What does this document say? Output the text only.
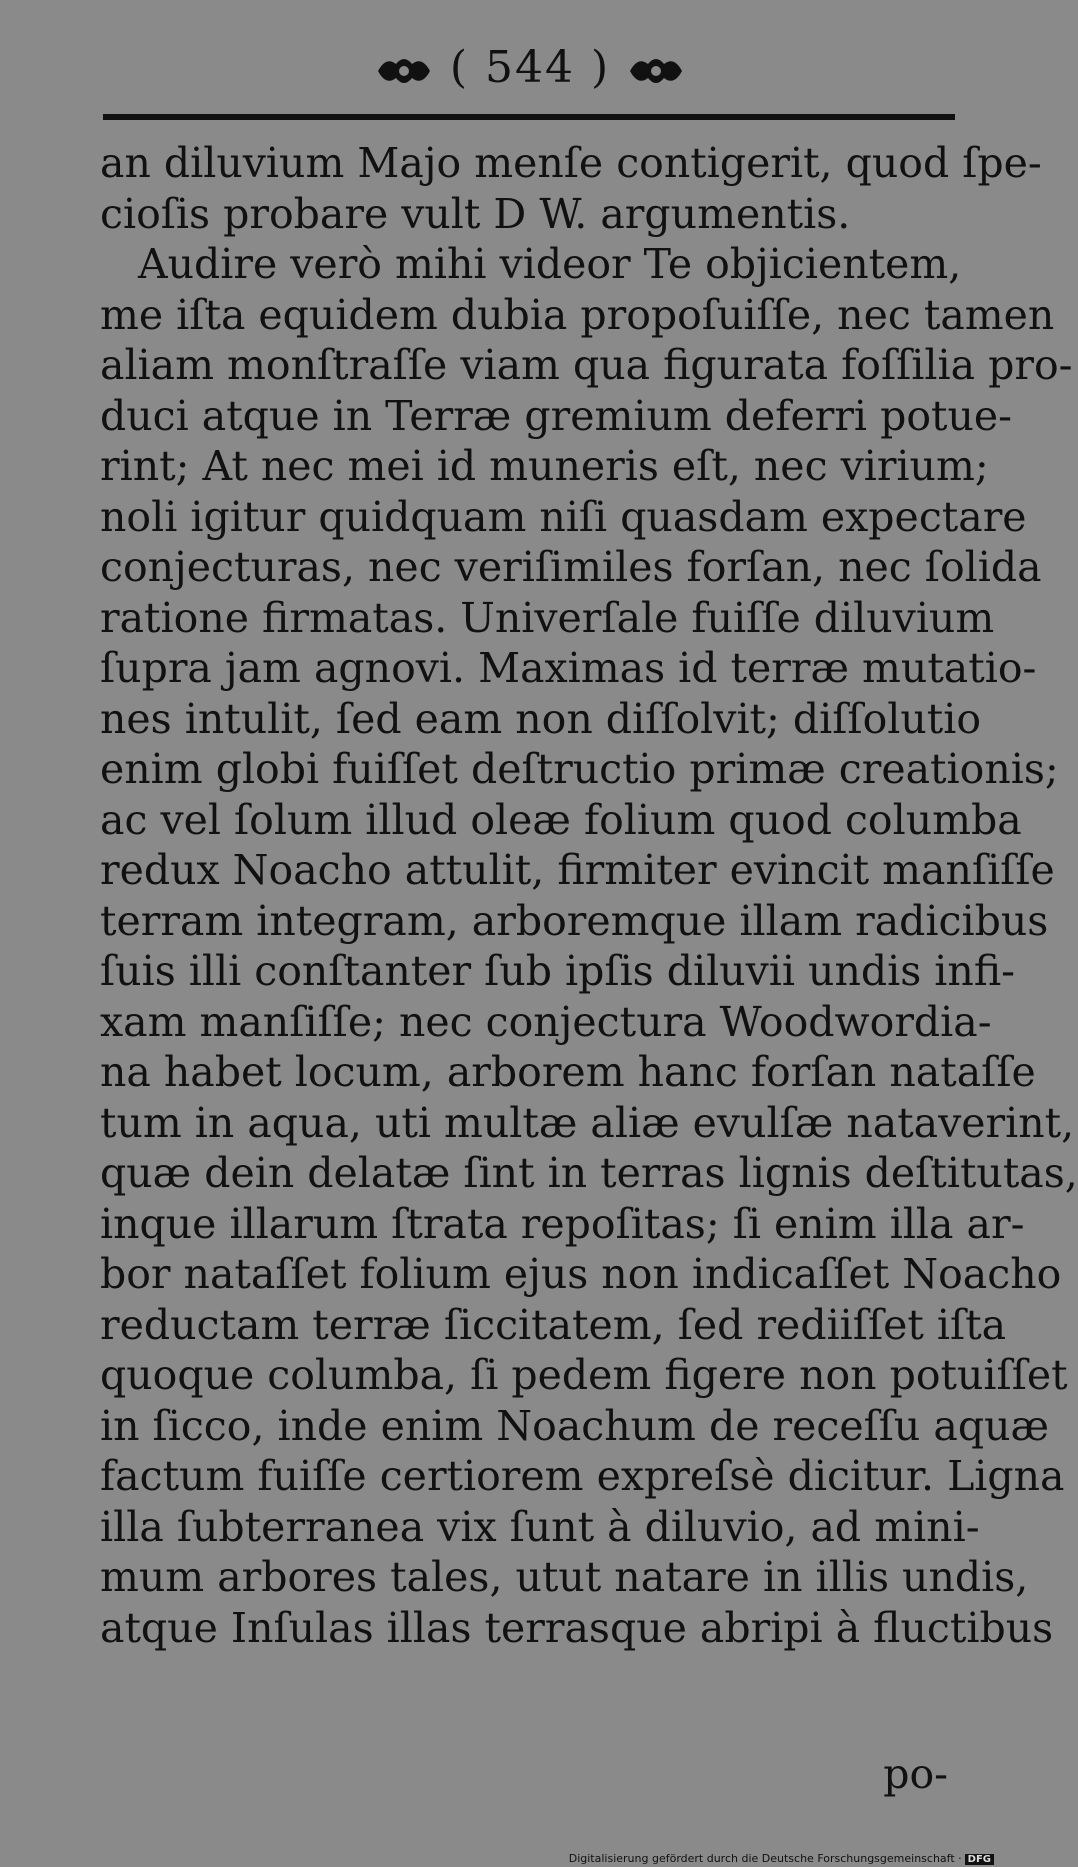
( 544 )
an diluvium Majo menſe contigerit, quod ſpe-
cioſis probare vult D W. argumentis.
Audire verò mihi videor Te objicientem,
me iſta equidem dubia propoſuiſſe, nec tamen
aliam monſtraſſe viam qua figurata foſſilia pro-
duci atque in Terræ gremium deferri potue-
rint; At nec mei id muneris eſt, nec virium;
noli igitur quidquam niſi quasdam expectare
conjecturas, nec veriſimiles forſan, nec ſolida
ratione firmatas. Univerſale fuiſſe diluvium
ſupra jam agnovi. Maximas id terræ mutatio-
nes intulit, ſed eam non diſſolvit; diſſolutio
enim globi fuiſſet deſtructio primæ creationis;
ac vel ſolum illud oleæ folium quod columba
redux Noacho attulit, firmiter evincit manſiſſe
terram integram, arboremque illam radicibus
ſuis illi conſtanter ſub ipſis diluvii undis infi-
xam manſiſſe; nec conjectura Woodwordia-
na habet locum, arborem hanc forſan nataſſe
tum in aqua, uti multæ aliæ evulſæ nataverint,
quæ dein delatæ ſint in terras lignis deſtitutas,
inque illarum ſtrata repoſitas; ſi enim illa ar-
bor nataſſet folium ejus non indicaſſet Noacho
reductam terræ ſiccitatem, ſed rediiſſet iſta
quoque columba, ſi pedem figere non potuiſſet
in ſicco, inde enim Noachum de receſſu aquæ
factum fuiſſe certiorem expreſsè dicitur. Ligna
illa ſubterranea vix ſunt à diluvio, ad mini-
mum arbores tales, utut natare in illis undis,
atque Inſulas illas terrasque abripi à fluctibus
po-
Digitalisierung gefördert durch die Deutsche Forschungsgemeinschaft · DFG
